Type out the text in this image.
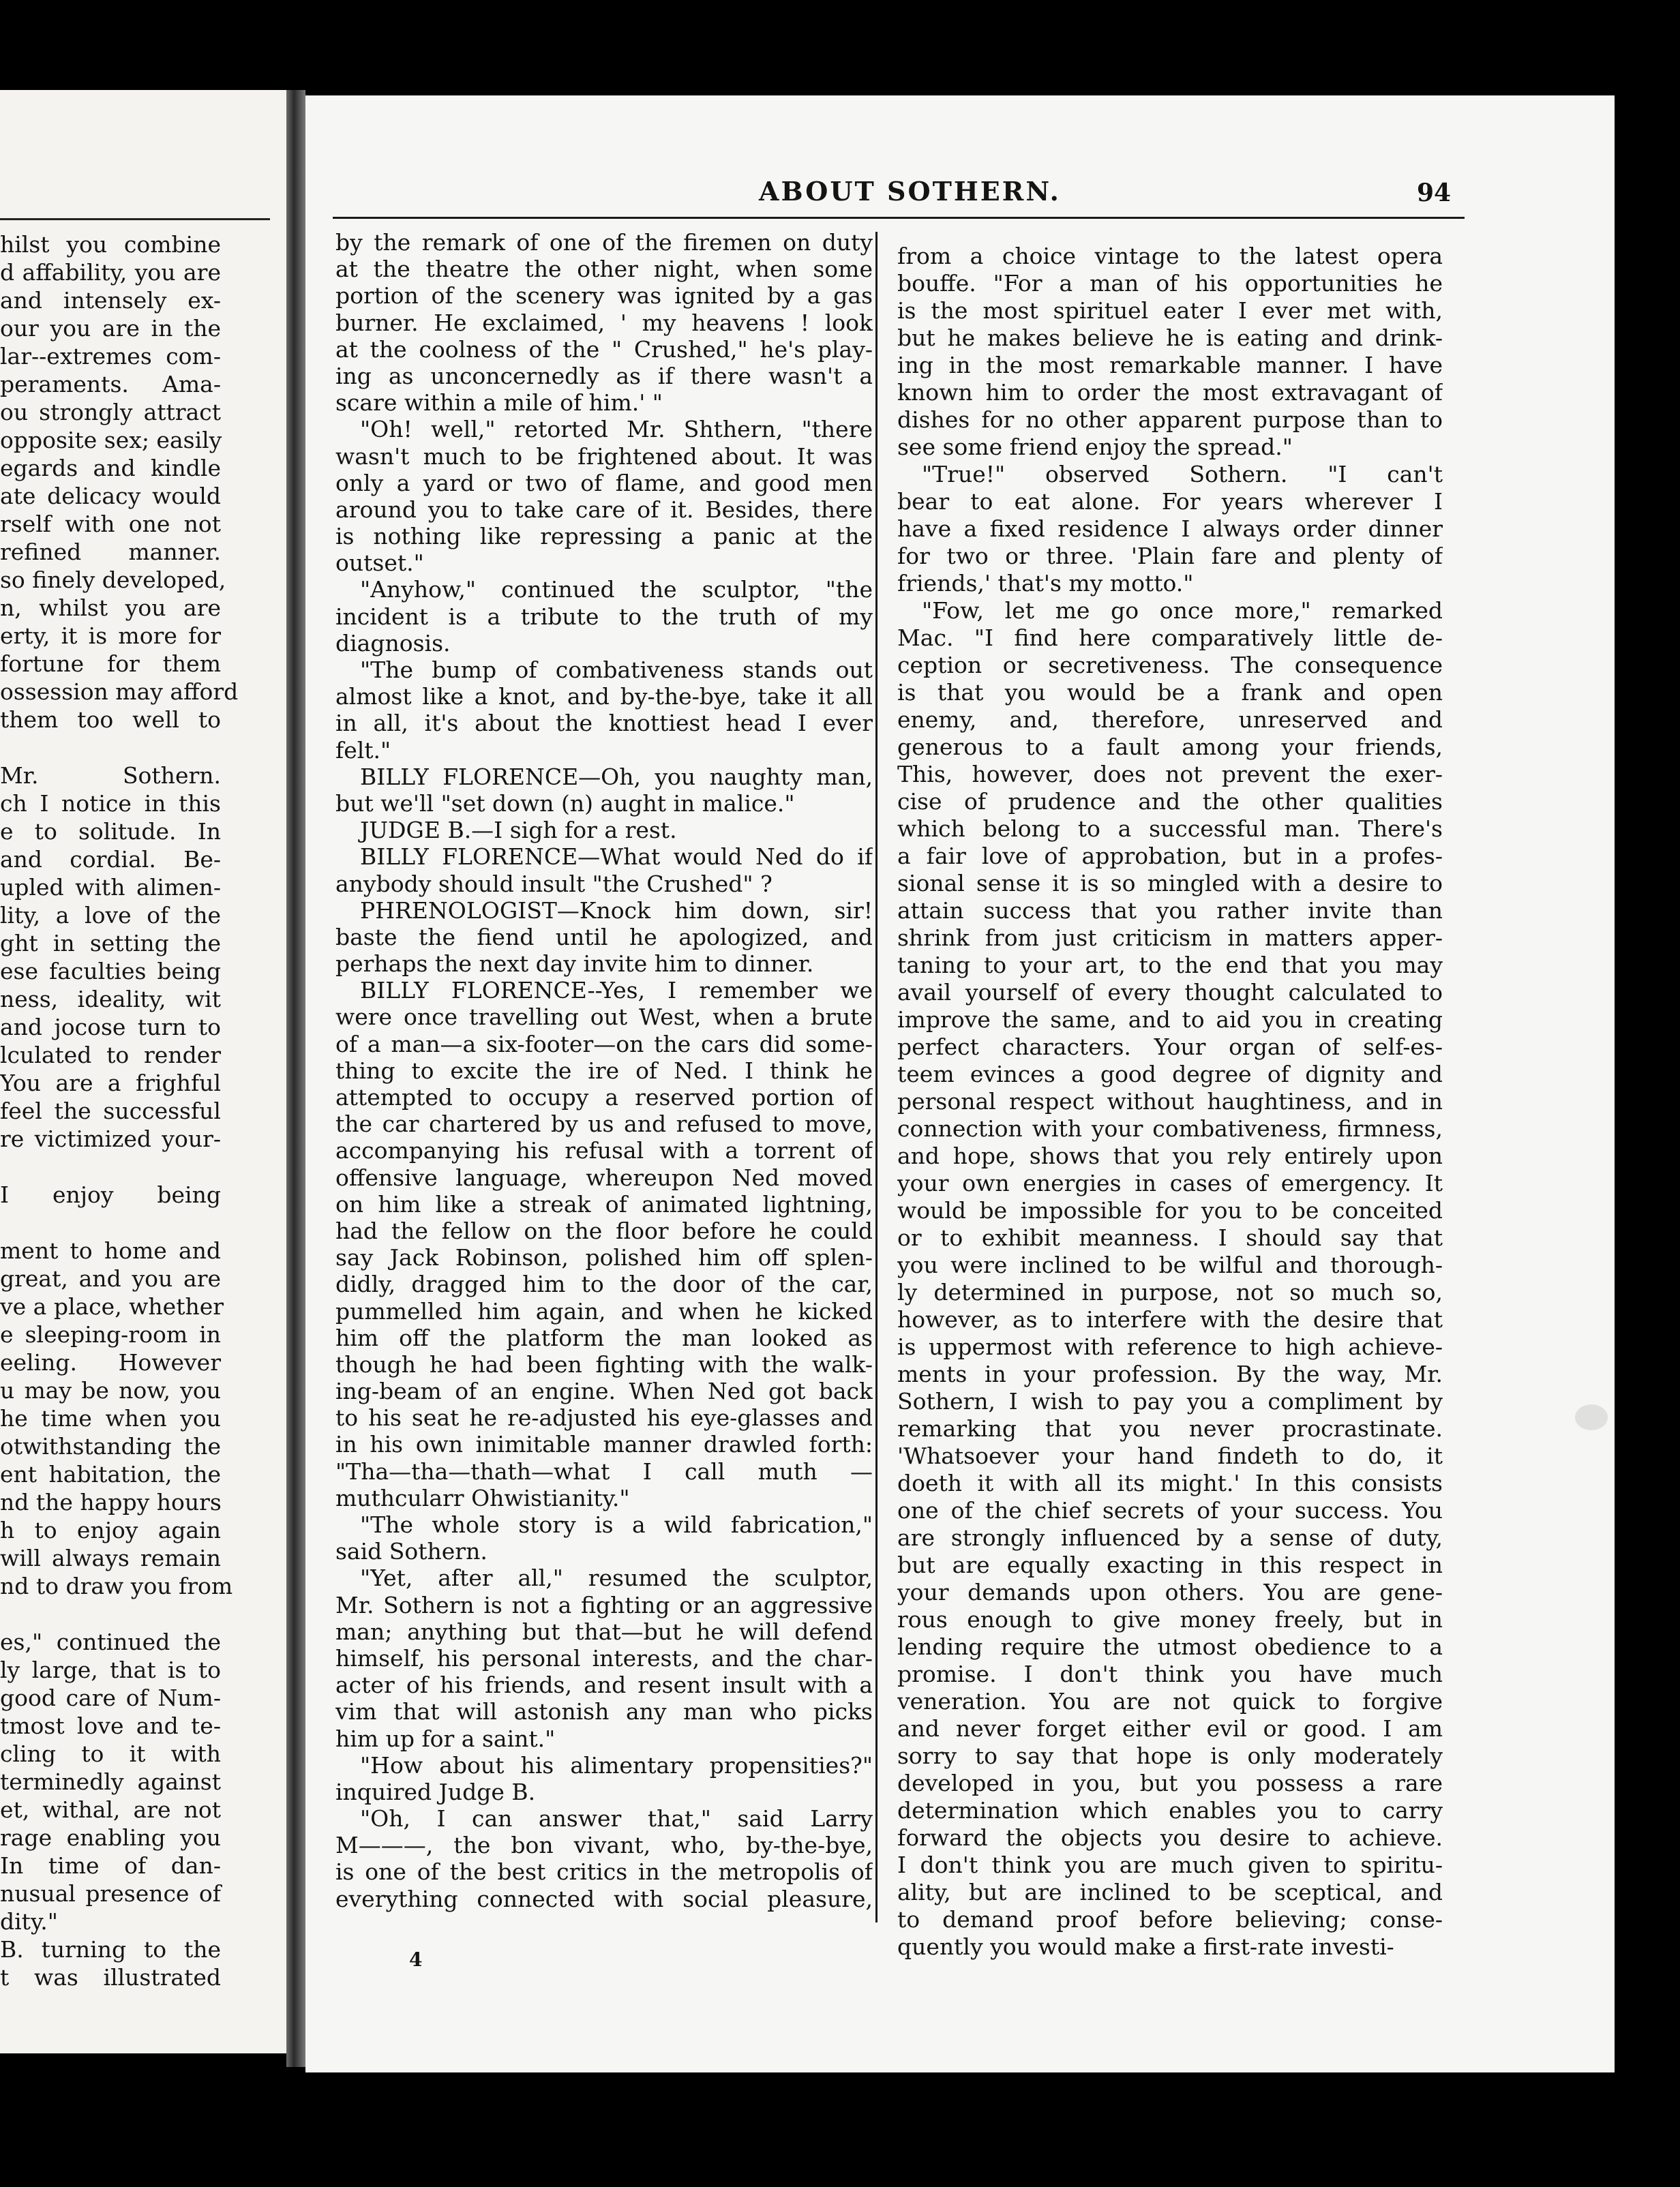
hilst you combine
d affability, you are
and intensely ex-
our you are in the
lar--extremes com-
peraments. Ama-
ou strongly attract
opposite sex; easily
egards and kindle
ate delicacy would
rself with one not
refined manner.
so finely developed,
n, whilst you are
erty, it is more for
fortune for them
ossession may afford
them too well to
Mr. Sothern.
ch I notice in this
e to solitude. In
and cordial. Be-
upled with alimen-
lity, a love of the
ght in setting the
ese faculties being
ness, ideality, wit
and jocose turn to
lculated to render
You are a frighful
feel the successful
re victimized your-
I enjoy being
ment to home and
great, and you are
ve a place, whether
e sleeping-room in
eeling. However
u may be now, you
he time when you
otwithstanding the
ent habitation, the
nd the happy hours
h to enjoy again
will always remain
nd to draw you from
es," continued the
ly large, that is to
good care of Num-
tmost love and te-
cling to it with
terminedly against
et, withal, are not
rage enabling you
In time of dan-
nusual presence of
dity."
B. turning to the
t was illustrated
ABOUT SOTHERN.	94
by the remark of one of the firemen on duty
at the theatre the other night, when some
portion of the scenery was ignited by a gas
burner. He exclaimed, ' my heavens ! look
at the coolness of the " Crushed," he's play-
ing as unconcernedly as if there wasn't a
scare within a mile of him.' "
"Oh! well," retorted Mr. Shthern, "there
wasn't much to be frightened about. It was
only a yard or two of flame, and good men
around you to take care of it. Besides, there
is nothing like repressing a panic at the
outset."
"Anyhow," continued the sculptor, "the
incident is a tribute to the truth of my
diagnosis.
"The bump of combativeness stands out
almost like a knot, and by-the-bye, take it all
in all, it's about the knottiest head I ever
felt."
BILLY FLORENCE—Oh, you naughty man,
but we'll "set down (n) aught in malice."
JUDGE B.—I sigh for a rest.
BILLY FLORENCE—What would Ned do if
anybody should insult "the Crushed" ?
PHRENOLOGIST—Knock him down, sir!
baste the fiend until he apologized, and
perhaps the next day invite him to dinner.
BILLY FLORENCE--Yes, I remember we
were once travelling out West, when a brute
of a man—a six-footer—on the cars did some-
thing to excite the ire of Ned. I think he
attempted to occupy a reserved portion of
the car chartered by us and refused to move,
accompanying his refusal with a torrent of
offensive language, whereupon Ned moved
on him like a streak of animated lightning,
had the fellow on the floor before he could
say Jack Robinson, polished him off splen-
didly, dragged him to the door of the car,
pummelled him again, and when he kicked
him off the platform the man looked as
though he had been fighting with the walk-
ing-beam of an engine. When Ned got back
to his seat he re-adjusted his eye-glasses and
in his own inimitable manner drawled forth:
"Tha—tha—thath—what I call muth —
muthcularr Ohwistianity."
"The whole story is a wild fabrication,"
said Sothern.
"Yet, after all," resumed the sculptor,
Mr. Sothern is not a fighting or an aggressive
man; anything but that—but he will defend
himself, his personal interests, and the char-
acter of his friends, and resent insult with a
vim that will astonish any man who picks
him up for a saint."
"How about his alimentary propensities?"
inquired Judge B.
"Oh, I can answer that," said Larry
M———, the bon vivant, who, by-the-bye,
is one of the best critics in the metropolis of
everything connected with social pleasure,
from a choice vintage to the latest opera
bouffe. "For a man of his opportunities he
is the most spirituel eater I ever met with,
but he makes believe he is eating and drink-
ing in the most remarkable manner. I have
known him to order the most extravagant of
dishes for no other apparent purpose than to
see some friend enjoy the spread."
"True!" observed Sothern. "I can't
bear to eat alone. For years wherever I
have a fixed residence I always order dinner
for two or three. 'Plain fare and plenty of
friends,' that's my motto."
"Fow, let me go once more," remarked
Mac. "I find here comparatively little de-
ception or secretiveness. The consequence
is that you would be a frank and open
enemy, and, therefore, unreserved and
generous to a fault among your friends,
This, however, does not prevent the exer-
cise of prudence and the other qualities
which belong to a successful man. There's
a fair love of approbation, but in a profes-
sional sense it is so mingled with a desire to
attain success that you rather invite than
shrink from just criticism in matters apper-
taning to your art, to the end that you may
avail yourself of every thought calculated to
improve the same, and to aid you in creating
perfect characters. Your organ of self-es-
teem evinces a good degree of dignity and
personal respect without haughtiness, and in
connection with your combativeness, firmness,
and hope, shows that you rely entirely upon
your own energies in cases of emergency. It
would be impossible for you to be conceited
or to exhibit meanness. I should say that
you were inclined to be wilful and thorough-
ly determined in purpose, not so much so,
however, as to interfere with the desire that
is uppermost with reference to high achieve-
ments in your profession. By the way, Mr.
Sothern, I wish to pay you a compliment by
remarking that you never procrastinate.
'Whatsoever your hand findeth to do, it
doeth it with all its might.' In this consists
one of the chief secrets of your success. You
are strongly influenced by a sense of duty,
but are equally exacting in this respect in
your demands upon others. You are gene-
rous enough to give money freely, but in
lending require the utmost obedience to a
promise. I don't think you have much
veneration. You are not quick to forgive
and never forget either evil or good. I am
sorry to say that hope is only moderately
developed in you, but you possess a rare
determination which enables you to carry
forward the objects you desire to achieve.
I don't think you are much given to spiritu-
ality, but are inclined to be sceptical, and
to demand proof before believing; conse-
quently you would make a first-rate investi-
4
